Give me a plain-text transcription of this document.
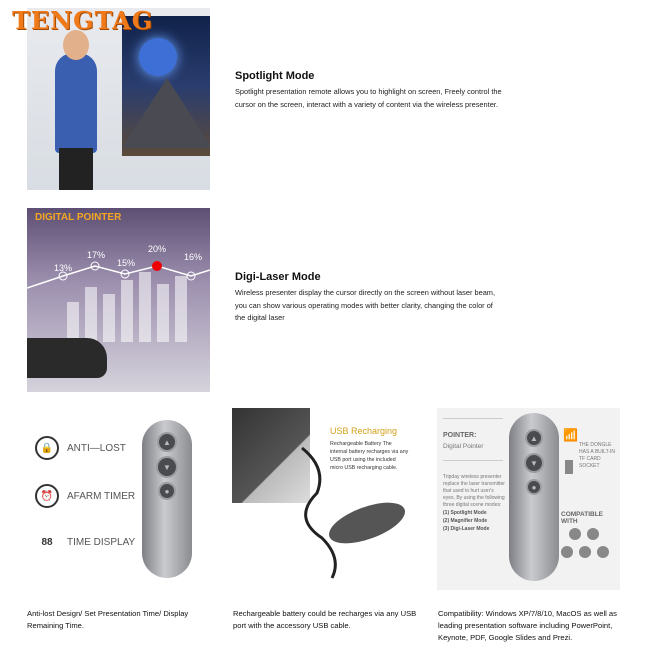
TENGTAG
Spotlight Mode
Spotlight presentation remote allows you to highlight on screen, Freely control the cursor on the screen, interact with a variety of content via the wireless presenter.
DIGITAL POINTER
13%
17%
15%
20%
16%
Digi-Laser Mode
Wireless presenter display the cursor directly on the screen without laser beam, you can show various operating modes with better clarity, changing the color of the digital laser
🔒	ANTI—LOST
⏰	AFARM TIMER
88	TIME DISPLAY
▲
▼
●
USB Recharging
Rechargeable Battery The internal battery recharges via any USB port using the included micro USB recharging cable.
POINTER:
Digital Pointer
Tripday wireless presenter replace the laser transmitter that used to hurt user's eyes, By using the following three digital scene modes:
(1) Spotlight Mode
(2) Magnifier Mode
(3) Digi-Laser Mode
▲
▼
●
📶
THE DONGLE HAS A BUILT-IN TF CARD SOCKET
COMPATIBLE WITH
Anti-lost Design/ Set Presentation Time/ Display Remaining Time.
Rechargeable battery could be recharges via any USB port with the accessory USB cable.
Compatibility: Windows XP/7/8/10, MacOS as well as leading presentation software including PowerPoint, Keynote, PDF, Google Slides and Prezi.
